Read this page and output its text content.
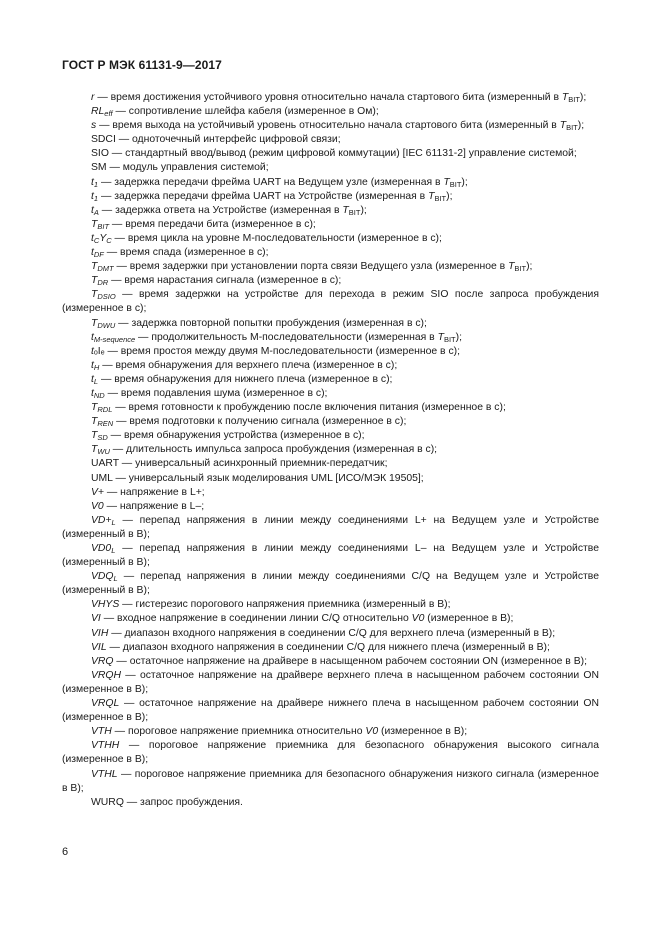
ГОСТ Р МЭК 61131-9—2017

r — время достижения устойчивого уровня относительно начала стартового бита (измеренный в $T_{BIT}$);

$RL_{eff}$ — сопротивление шлейфа кабеля (измеренное в Ом);

s — время выхода на устойчивый уровень относительно начала стартового бита (измеренный в $T_{BIT}$);

SDCI — одноточечный интерфейс цифровой связи;

SIO — стандартный ввод/вывод (режим цифровой коммутации) [IEC 61131-2] управление системой;

SM — модуль управления системой;

$t_1$ — задержка передачи фрейма UART на Ведущем узле (измеренная в $T_{BIT}$);

$t_1$ — задержка передачи фрейма UART на Устройстве (измеренная в $T_{BIT}$);

$t_A$ — задержка ответа на Устройстве (измеренная в $T_{BIT}$);

$T_{BIT}$ — время передачи бита (измеренное в с);

$t_CY_C$ — время цикла на уровне М-последовательности (измеренное в с);

$t_{DF}$ — время спада (измеренное в с);

$T_{DMT}$ — время задержки при установлении порта связи Ведущего узла (измеренное в $T_{BIT}$);

$T_{DR}$ — время нарастания сигнала (измеренное в с);

$T_{DSIO}$ — время задержки на устройстве для перехода в режим SIO после запроса пробуждения (измеренное в с);

$T_{DWU}$ — задержка повторной попытки пробуждения (измеренная в с);

$t_{M-sequence}$ — продолжительность М-последовательности (измеренная в $T_{BIT}$);

tₒIₑ — время простоя между двумя М-последовательности (измеренное в с);

$t_H$ — время обнаружения для верхнего плеча (измеренное в с);

$t_L$ — время обнаружения для нижнего плеча (измеренное в с);

$t_{ND}$ — время подавления шума (измеренное в с);

$T_{RDL}$ — время готовности к пробуждению после включения питания (измеренное в с);

$T_{REN}$ — время подготовки к получению сигнала (измеренное в с);

$T_{SD}$ — время обнаружения устройства (измеренное в с);

$T_{WU}$ — длительность импульса запроса пробуждения (измеренная в с);

UART — универсальный асинхронный приемник-передатчик;

UML — универсальный язык моделирования UML [ИСО/МЭК 19505];

V+ — напряжение в L+;

V0 — напряжение в L–;

$VD+_L$ — перепад напряжения в линии между соединениями L+ на Ведущем узле и Устройстве (измеренный в В);

$VD0_L$ — перепад напряжения в линии между соединениями L– на Ведущем узле и Устройстве (измеренный в В);

$VDQ_L$ — перепад напряжения в линии между соединениями C/Q на Ведущем узле и Устройстве (измеренный в В);

VHYS — гистерезис порогового напряжения приемника (измеренный в В);

VI — входное напряжение в соединении линии C/Q относительно V0 (измеренное в В);

VIH — диапазон входного напряжения в соединении C/Q для верхнего плеча (измеренный в В);

VIL — диапазон входного напряжения в соединении C/Q для нижнего плеча (измеренный в В);

VRQ — остаточное напряжение на драйвере в насыщенном рабочем состоянии ON (измеренное в В);

VRQH — остаточное напряжение на драйвере верхнего плеча в насыщенном рабочем состоянии ON (измеренное в В);

VRQL — остаточное напряжение на драйвере нижнего плеча в насыщенном рабочем состоянии ON (измеренное в В);

VTH — пороговое напряжение приемника относительно V0 (измеренное в В);

VTHH — пороговое напряжение приемника для безопасного обнаружения высокого сигнала (измеренное в В);

VTHL — пороговое напряжение приемника для безопасного обнаружения низкого сигнала (измеренное в В);

WURQ — запрос пробуждения.

6
